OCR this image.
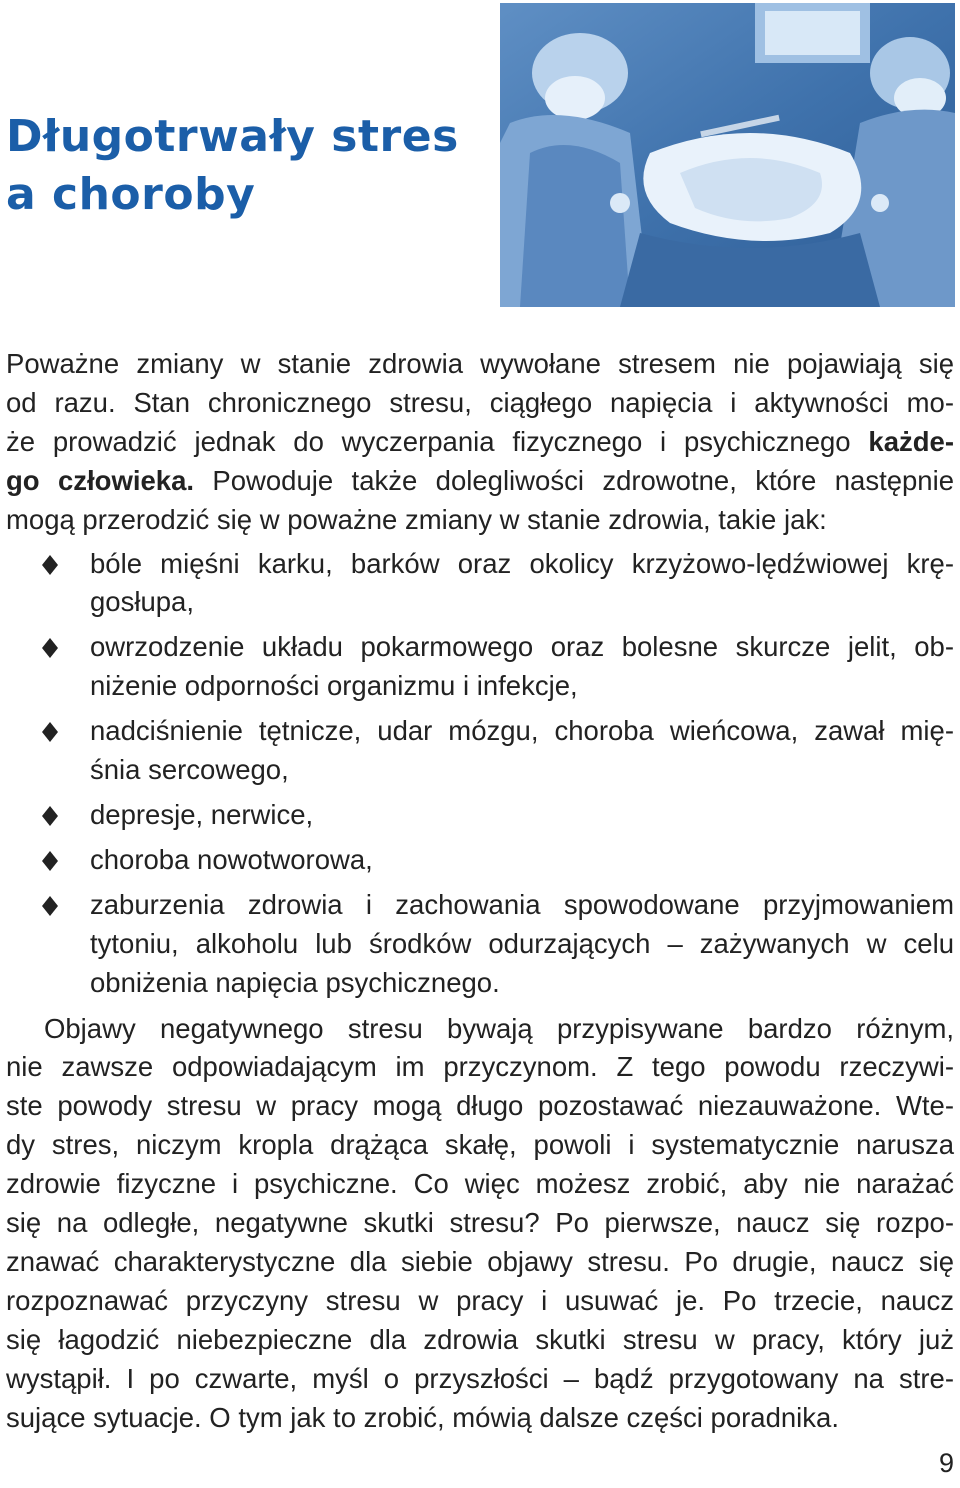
Długotrwały stres
a choroby
Poważne zmiany w stanie zdrowia wywołane stresem nie pojawiają się
od razu. Stan chronicznego stresu, ciągłego napięcia i aktywności mo-
że prowadzić jednak do wyczerpania fizycznego i psychicznego każde-
go człowieka. Powoduje także dolegliwości zdrowotne, które następnie
mogą przerodzić się w poważne zmiany w stanie zdrowia, takie jak:
bóle mięśni karku, barków oraz okolicy krzyżowo-lędźwiowej krę-
gosłupa,
owrzodzenie układu pokarmowego oraz bolesne skurcze jelit, ob-
niżenie odporności organizmu i infekcje,
nadciśnienie tętnicze, udar mózgu, choroba wieńcowa, zawał mię-
śnia sercowego,
depresje, nerwice,
choroba nowotworowa,
zaburzenia zdrowia i zachowania spowodowane przyjmowaniem
tytoniu, alkoholu lub środków odurzających – zażywanych w celu
obniżenia napięcia psychicznego.
Objawy negatywnego stresu bywają przypisywane bardzo różnym,
nie zawsze odpowiadającym im przyczynom. Z tego powodu rzeczywi-
ste powody stresu w pracy mogą długo pozostawać niezauważone. Wte-
dy stres, niczym kropla drążąca skałę, powoli i systematycznie narusza
zdrowie fizyczne i psychiczne. Co więc możesz zrobić, aby nie narażać
się na odległe, negatywne skutki stresu? Po pierwsze, naucz się rozpo-
znawać charakterystyczne dla siebie objawy stresu. Po drugie, naucz się
rozpoznawać przyczyny stresu w pracy i usuwać je. Po trzecie, naucz
się łagodzić niebezpieczne dla zdrowia skutki stresu w pracy, który już
wystąpił. I po czwarte, myśl o przyszłości – bądź przygotowany na stre-
sujące sytuacje. O tym jak to zrobić, mówią dalsze części poradnika.
9
